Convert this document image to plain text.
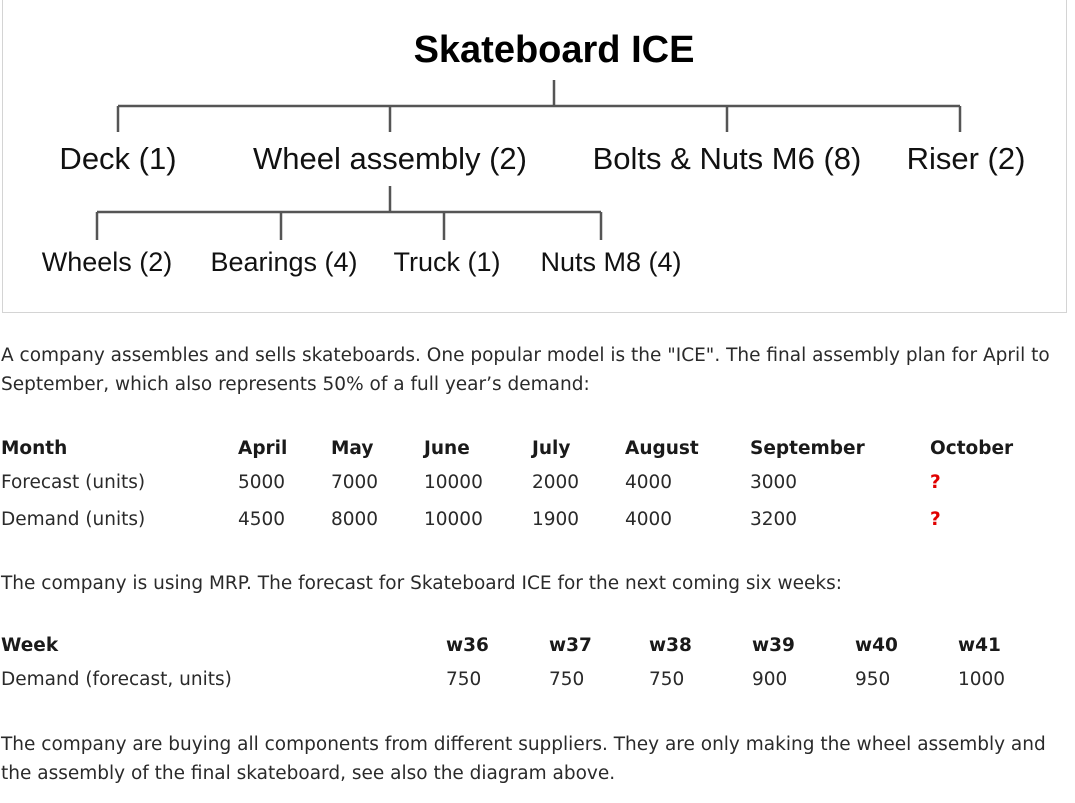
Skateboard ICE
Deck (1) Wheel assembly (2) Bolts & Nuts M6 (8) Riser (2)
Wheels (2) Bearings (4) Truck (1) Nuts M8 (4)
A company assembles and sells skateboards. One popular model is the "ICE". The final assembly plan for April to September, which also represents 50% of a full year’s demand:
Month	April	May	June	July	August	September	October
Forecast (units)	5000	7000	10000	2000	4000	3000	?
Demand (units)	4500	8000	10000	1900	4000	3200	?
The company is using MRP. The forecast for Skateboard ICE for the next coming six weeks:
Week	w36	w37	w38	w39	w40	w41
Demand (forecast, units)	750	750	750	900	950	1000
The company are buying all components from different suppliers. They are only making the wheel assembly and the assembly of the final skateboard, see also the diagram above.
